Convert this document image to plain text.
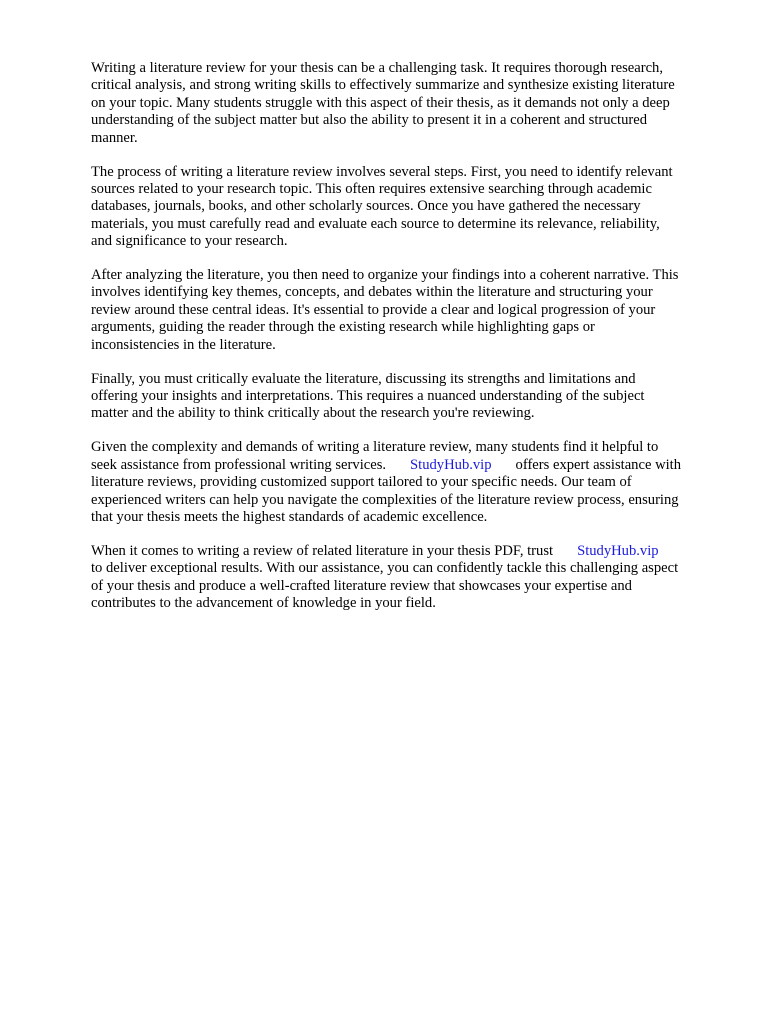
Writing a literature review for your thesis can be a challenging task. It requires thorough research,
critical analysis, and strong writing skills to effectively summarize and synthesize existing literature
on your topic. Many students struggle with this aspect of their thesis, as it demands not only a deep
understanding of the subject matter but also the ability to present it in a coherent and structured
manner.

The process of writing a literature review involves several steps. First, you need to identify relevant
sources related to your research topic. This often requires extensive searching through academic
databases, journals, books, and other scholarly sources. Once you have gathered the necessary
materials, you must carefully read and evaluate each source to determine its relevance, reliability,
and significance to your research.

After analyzing the literature, you then need to organize your findings into a coherent narrative. This
involves identifying key themes, concepts, and debates within the literature and structuring your
review around these central ideas. It's essential to provide a clear and logical progression of your
arguments, guiding the reader through the existing research while highlighting gaps or
inconsistencies in the literature.

Finally, you must critically evaluate the literature, discussing its strengths and limitations and
offering your insights and interpretations. This requires a nuanced understanding of the subject
matter and the ability to think critically about the research you're reviewing.

Given the complexity and demands of writing a literature review, many students find it helpful to
seek assistance from professional writing services. StudyHub.vip offers expert assistance with
literature reviews, providing customized support tailored to your specific needs. Our team of
experienced writers can help you navigate the complexities of the literature review process, ensuring
that your thesis meets the highest standards of academic excellence.

When it comes to writing a review of related literature in your thesis PDF, trust StudyHub.vip
to deliver exceptional results. With our assistance, you can confidently tackle this challenging aspect
of your thesis and produce a well-crafted literature review that showcases your expertise and
contributes to the advancement of knowledge in your field.
